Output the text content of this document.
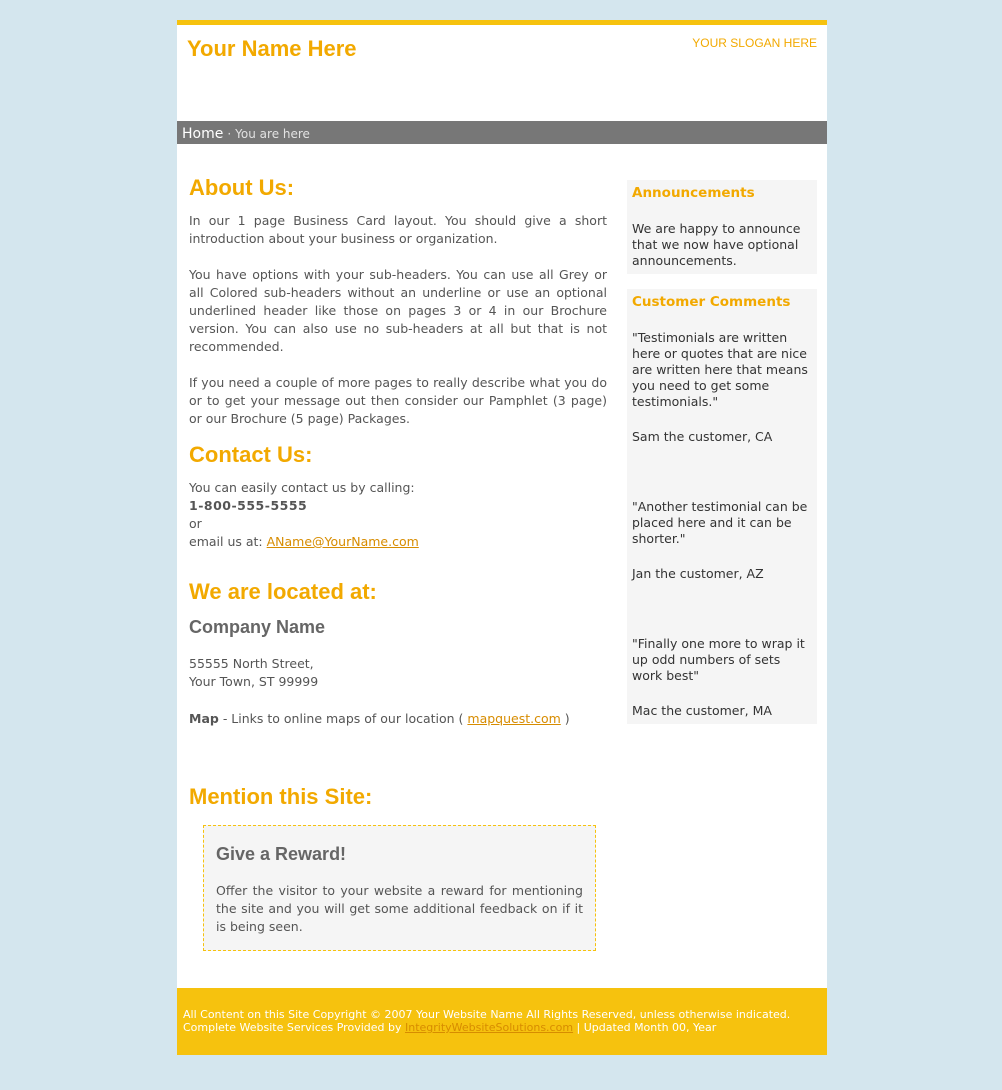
Your Name Here	YOUR SLOGAN HERE
Home · You are here
About Us:

In our 1 page Business Card layout. You should give a short introduction about your business or organization.

You have options with your sub-headers. You can use all Grey or all Colored sub-headers without an underline or use an optional underlined header like those on pages 3 or 4 in our Brochure version. You can also use no sub-headers at all but that is not recommended.

If you need a couple of more pages to really describe what you do or to get your message out then consider our Pamphlet (3 page) or our Brochure (5 page) Packages.

Contact Us:
You can easily contact us by calling:
1-800-555-5555
or
email us at: AName@YourName.com
We are located at:
Company Name
55555 North Street,
Your Town, ST 99999
Map - Links to online maps of our location ( mapquest.com )
Mention this Site:
Give a Reward!

Offer the visitor to your website a reward for mentioning the site and you will get some additional feedback on if it is being seen.

Announcements

We are happy to announce that we now have optional announcements.

Customer Comments

"Testimonials are written here or quotes that are nice are written here that means you need to get some testimonials."

Sam the customer, CA

"Another testimonial can be placed here and it can be shorter."

Jan the customer, AZ

"Finally one more to wrap it up odd numbers of sets work best"

Mac the customer, MA

All Content on this Site Copyright © 2007 Your Website Name All Rights Reserved, unless otherwise indicated.
Complete Website Services Provided by IntegrityWebsiteSolutions.com | Updated Month 00, Year
